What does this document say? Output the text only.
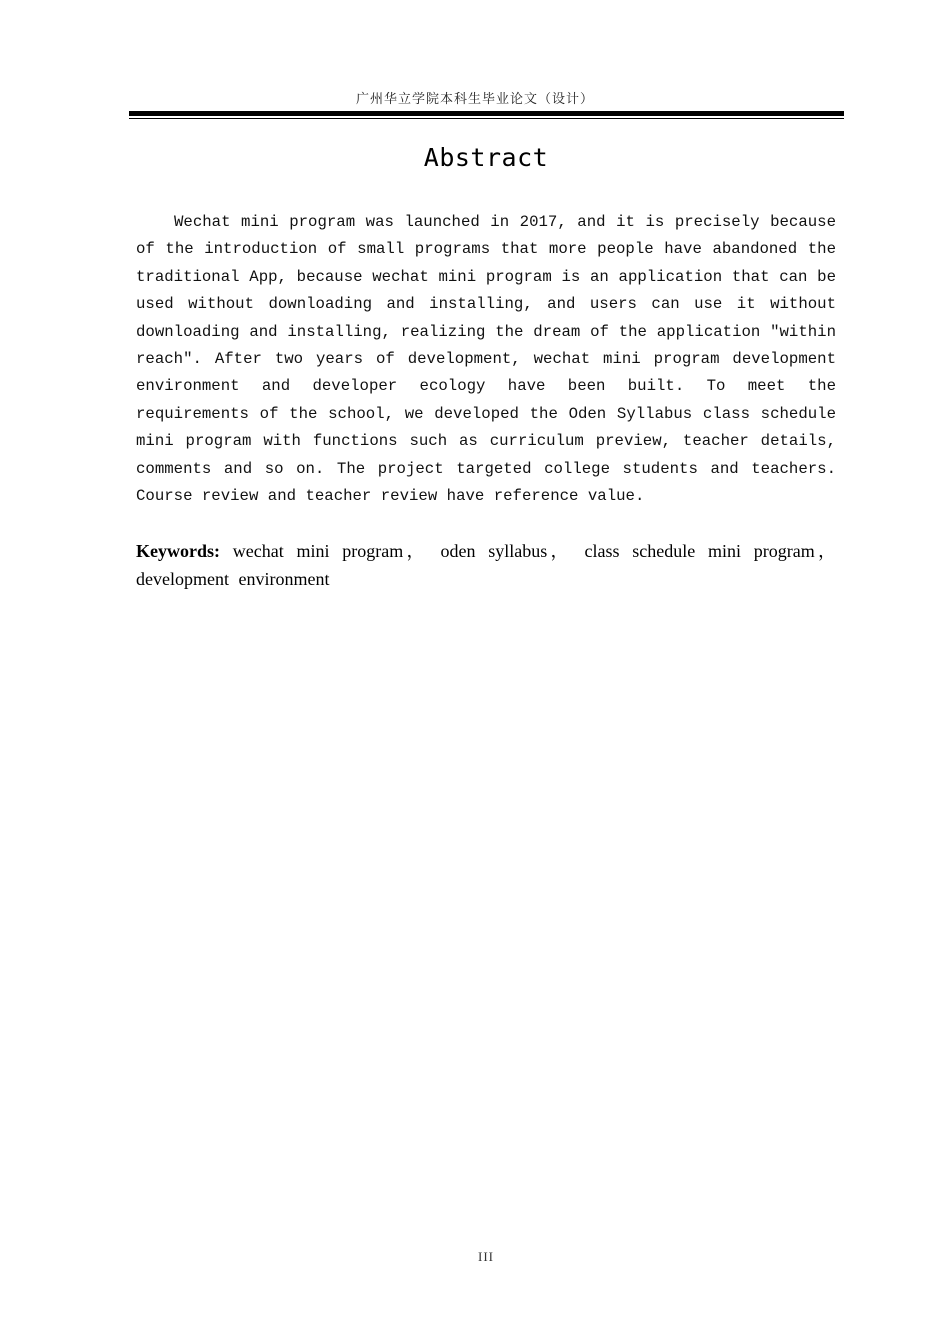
广州华立学院本科生毕业论文（设计）
Abstract

Wechat mini program was launched in 2017, and it is precisely because of the introduction of small programs that more people have abandoned the traditional App, because wechat mini program is an application that can be used without downloading and installing, and users can use it without downloading and installing, realizing the dream of the application "within reach". After two years of development, wechat mini program development environment and developer ecology have been built. To meet the requirements of the school, we developed the Oden Syllabus class schedule mini program with functions such as curriculum preview, teacher details, comments and so on. The project targeted college students and teachers. Course review and teacher review have reference value.

Keywords: wechat mini program， oden syllabus， class schedule mini program，development environment

III
